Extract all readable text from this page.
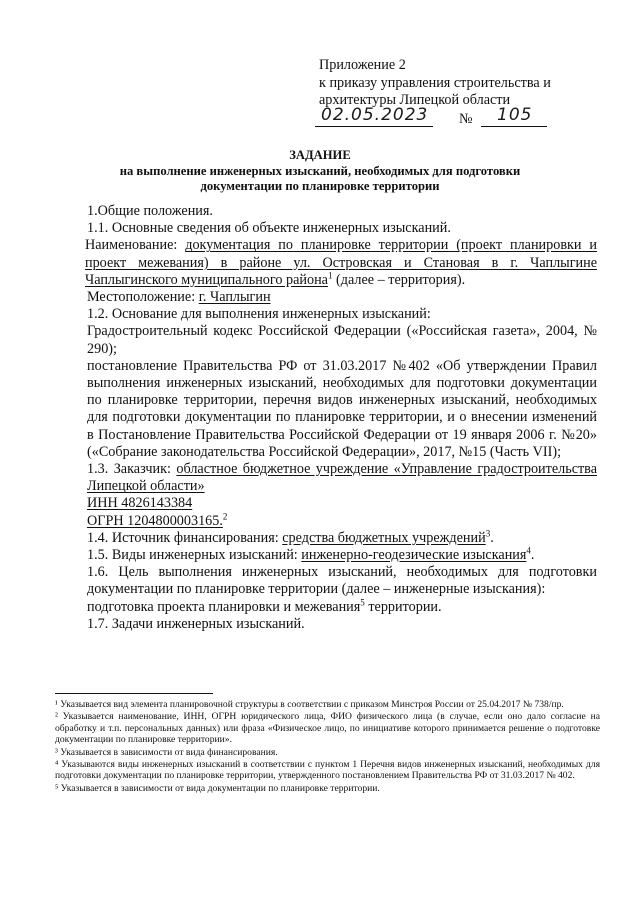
Приложение 2
к приказу управления строительства и
архитектуры Липецкой области
02.05.2023 № 105
ЗАДАНИЕ
на выполнение инженерных изысканий, необходимых для подготовки
документации по планировке территории

1.Общие положения.

1.1. Основные сведения об объекте инженерных изысканий.

Наименование: документация по планировке территории (проект планировки и проект межевания) в районе ул. Островская и Становая в г. Чаплыгине Чаплыгинского муниципального района$^1$ (далее – территория).

Местоположение: г. Чаплыгин

1.2. Основание для выполнения инженерных изысканий:

Градостроительный кодекс Российской Федерации («Российская газета», 2004, № 290);

постановление Правительства РФ от 31.03.2017 №402 «Об утверждении Правил выполнения инженерных изысканий, необходимых для подготовки документации по планировке территории, перечня видов инженерных изысканий, необходимых для подготовки документации по планировке территории, и о внесении изменений в Постановление Правительства Российской Федерации от 19 января 2006 г. №20» («Собрание законодательства Российской Федерации», 2017, №15 (Часть VII);

1.3. Заказчик: областное бюджетное учреждение «Управление градостроительства Липецкой области»

ИНН 4826143384

ОГРН 1204800003165.$^2$

1.4. Источник финансирования: средства бюджетных учреждений$^3$.

1.5. Виды инженерных изысканий: инженерно-геодезические изыскания$^4$.

1.6. Цель выполнения инженерных изысканий, необходимых для подготовки документации по планировке территории (далее – инженерные изыскания):

подготовка проекта планировки и межевания$^5$ территории.

1.7. Задачи инженерных изысканий.

¹ Указывается вид элемента планировочной структуры в соответствии с приказом Минстроя России от 25.04.2017 № 738/пр.

² Указывается наименование, ИНН, ОГРН юридического лица, ФИО физического лица (в случае, если оно дало согласие на обработку и т.п. персональных данных) или фраза «Физическое лицо, по инициативе которого принимается решение о подготовке документации по планировке территории».

³ Указывается в зависимости от вида финансирования.

⁴ Указываются виды инженерных изысканий в соответствии с пунктом 1 Перечня видов инженерных изысканий, необходимых для подготовки документации по планировке территории, утвержденного постановлением Правительства РФ от 31.03.2017 № 402.

⁵ Указывается в зависимости от вида документации по планировке территории.
